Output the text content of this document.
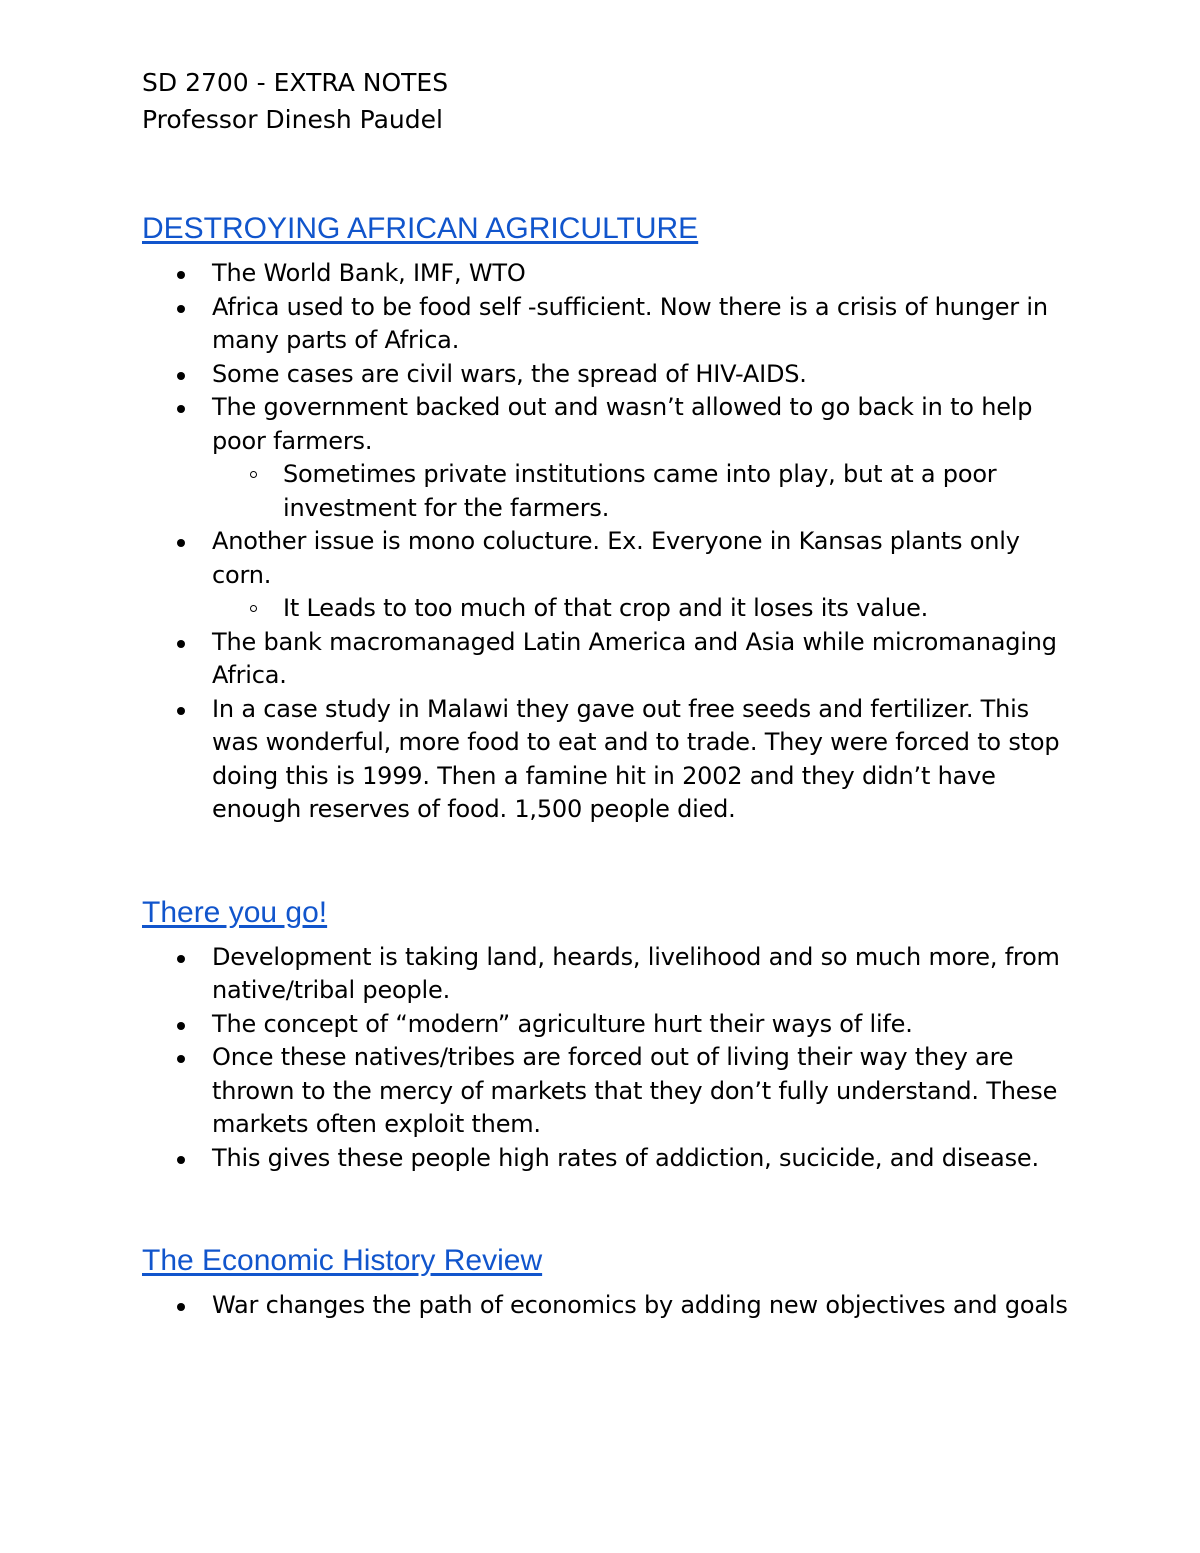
SD 2700 - EXTRA NOTES
Professor Dinesh Paudel
DESTROYING AFRICAN AGRICULTURE
The World Bank, IMF, WTO
Africa used to be food self -sufficient. Now there is a crisis of hunger in many parts of Africa.
Some cases are civil wars, the spread of HIV-AIDS.
The government backed out and wasn’t allowed to go back in to help poor farmers.
Sometimes private institutions came into play, but at a poor investment for the farmers.
Another issue is mono colucture. Ex. Everyone in Kansas plants only corn.
It Leads to too much of that crop and it loses its value.
The bank macromanaged Latin America and Asia while micromanaging Africa.
In a case study in Malawi they gave out free seeds and fertilizer. This was wonderful, more food to eat and to trade. They were forced to stop doing this is 1999. Then a famine hit in 2002 and they didn’t have enough reserves of food. 1,500 people died.
There you go!
Development is taking land, heards, livelihood and so much more, from native/tribal people.
The concept of “modern” agriculture hurt their ways of life.
Once these natives/tribes are forced out of living their way they are thrown to the mercy of markets that they don’t fully understand. These markets often exploit them.
This gives these people high rates of addiction, sucicide, and disease.
The Economic History Review
War changes the path of economics by adding new objectives and goals
